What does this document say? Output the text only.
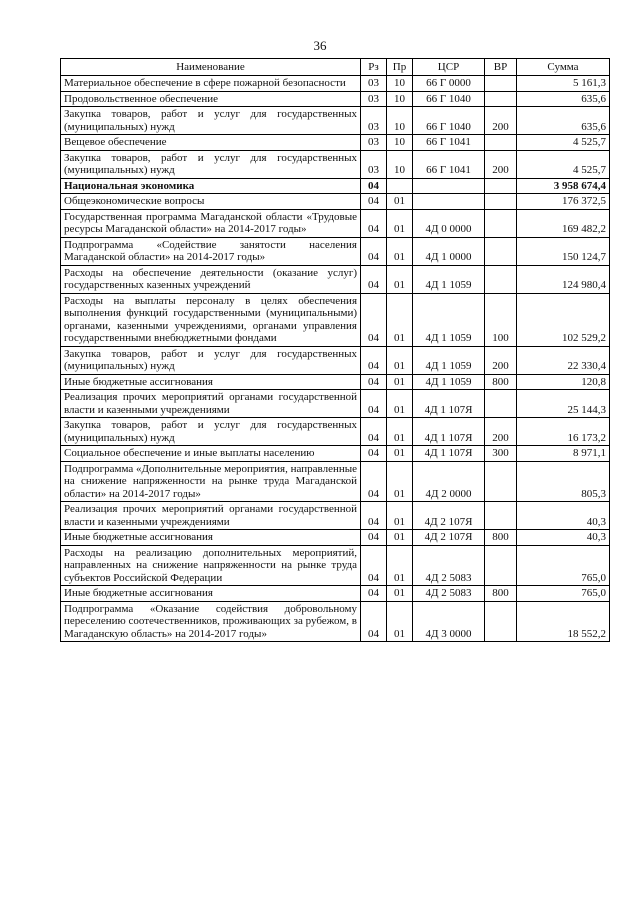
36
Наименование	Рз	Пр	ЦСР	ВР	Сумма
Материальное обеспечение в сфере пожарной безопасности	03	10	66 Г 0000		5 161,3
Продовольственное обеспечение	03	10	66 Г 1040		635,6
Закупка товаров, работ и услуг для государственных (муниципальных) нужд	03	10	66 Г 1040	200	635,6
Вещевое обеспечение	03	10	66 Г 1041		4 525,7
Закупка товаров, работ и услуг для государственных (муниципальных) нужд	03	10	66 Г 1041	200	4 525,7
Национальная экономика	04				3 958 674,4
Общеэкономические вопросы	04	01			176 372,5
Государственная программа Магаданской области «Трудовые ресурсы Магаданской области» на 2014-2017 годы»	04	01	4Д 0 0000		169 482,2
Подпрограмма «Содействие занятости населения Магаданской области» на 2014-2017 годы»	04	01	4Д 1 0000		150 124,7
Расходы на обеспечение деятельности (оказание услуг) государственных казенных учреждений	04	01	4Д 1 1059		124 980,4
Расходы на выплаты персоналу в целях обеспечения выполнения функций государственными (муниципальными) органами, казенными учреждениями, органами управления государственными внебюджетными фондами	04	01	4Д 1 1059	100	102 529,2
Закупка товаров, работ и услуг для государственных (муниципальных) нужд	04	01	4Д 1 1059	200	22 330,4
Иные бюджетные ассигнования	04	01	4Д 1 1059	800	120,8
Реализация прочих мероприятий органами государственной власти и казенными учреждениями	04	01	4Д 1 107Я		25 144,3
Закупка товаров, работ и услуг для государственных (муниципальных) нужд	04	01	4Д 1 107Я	200	16 173,2
Социальное обеспечение и иные выплаты населению	04	01	4Д 1 107Я	300	8 971,1
Подпрограмма «Дополнительные мероприятия, направленные на снижение напряженности на рынке труда Магаданской области» на 2014-2017 годы»	04	01	4Д 2 0000		805,3
Реализация прочих мероприятий органами государственной власти и казенными учреждениями	04	01	4Д 2 107Я		40,3
Иные бюджетные ассигнования	04	01	4Д 2 107Я	800	40,3
Расходы на реализацию дополнительных мероприятий, направленных на снижение напряженности на рынке труда субъектов Российской Федерации	04	01	4Д 2 5083		765,0
Иные бюджетные ассигнования	04	01	4Д 2 5083	800	765,0
Подпрограмма «Оказание содействия добровольному переселению соотечественников, проживающих за рубежом, в Магаданскую область» на 2014-2017 годы»	04	01	4Д 3 0000		18 552,2
